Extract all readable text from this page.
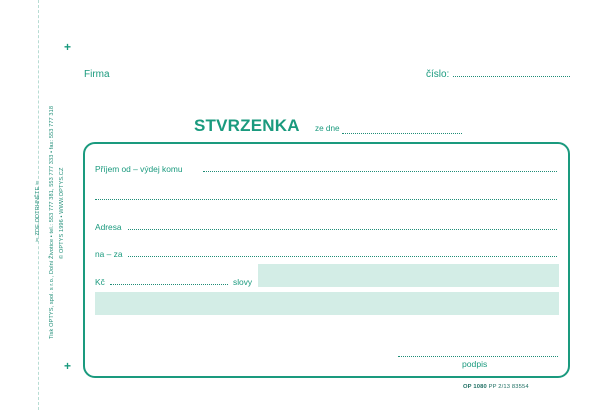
+
+
✂ ZDE ODTRHNĚTE ✂ Tisk OPTYS, spol. s r.o., Dolní Životice • tel.: 553 777 381, 553 777 333 • fax: 553 777 318 © OPTYS 1996 • WWW.OPTYS.CZ
Firma	číslo:
STVRZENKA ze dne
Příjem od – výdej komu
Adresa
na – za
Kč	slovy
podpis
OP 1080 PP 2/13 83554
